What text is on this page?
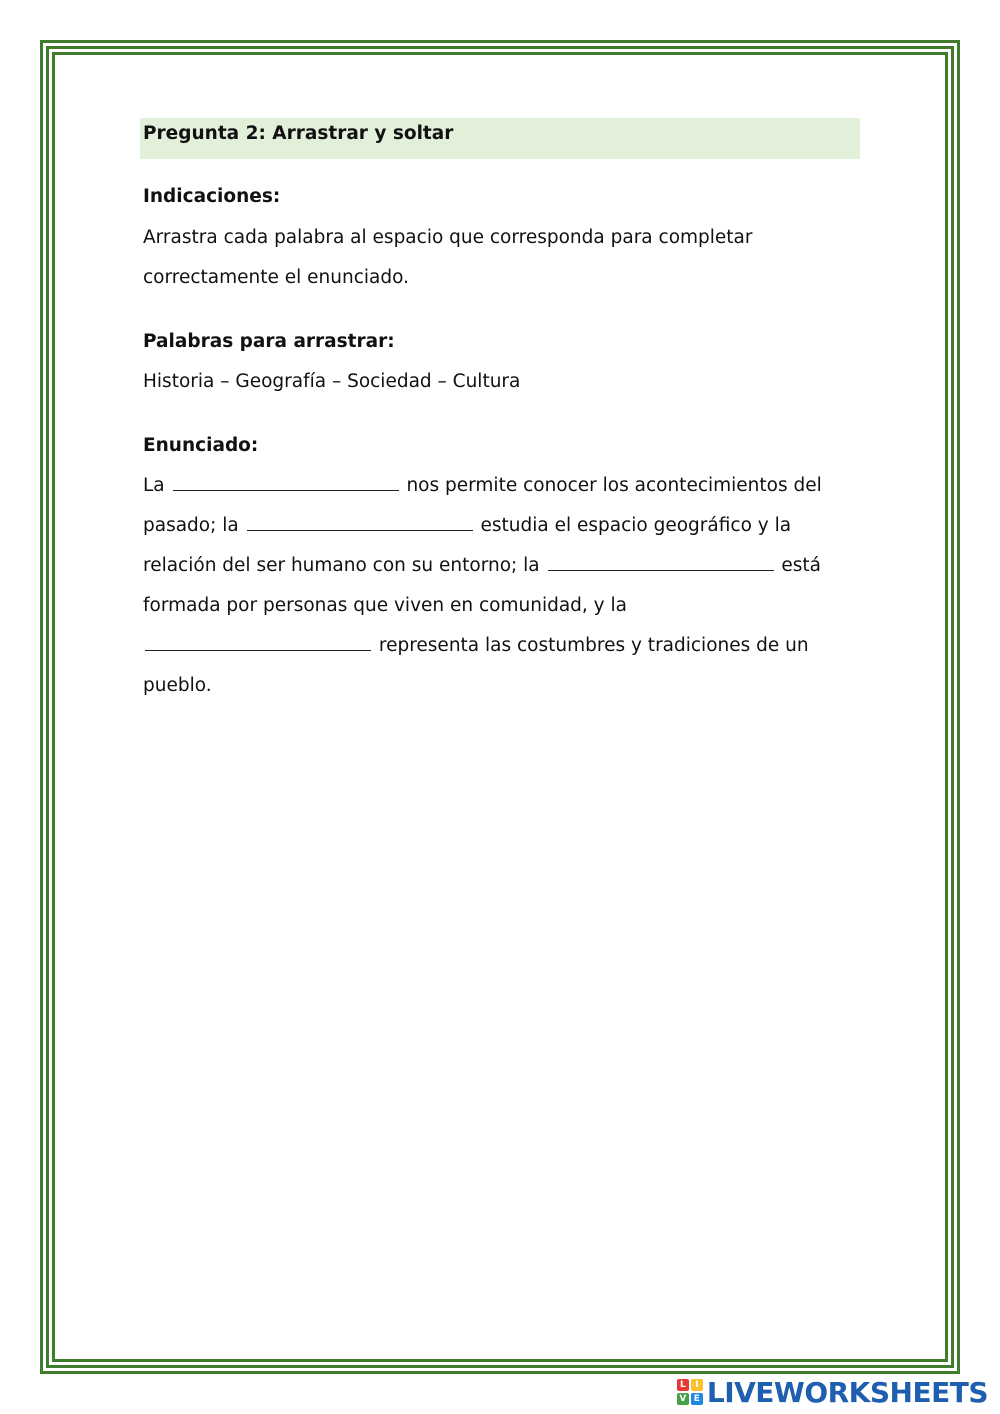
Pregunta 2: Arrastrar y soltar
Indicaciones:
Arrastra cada palabra al espacio que corresponda para completar correctamente el enunciado.
Palabras para arrastrar:
Historia – Geografía – Sociedad – Cultura
Enunciado:
La	nos permite conocer los acontecimientos del pasado; la	estudia el espacio geográfico y la relación del ser humano con su entorno; la	está formada por personas que viven en comunidad, y la  representa las costumbres y tradiciones de un pueblo.
L	I
V E LIVEWORKSHEETS
